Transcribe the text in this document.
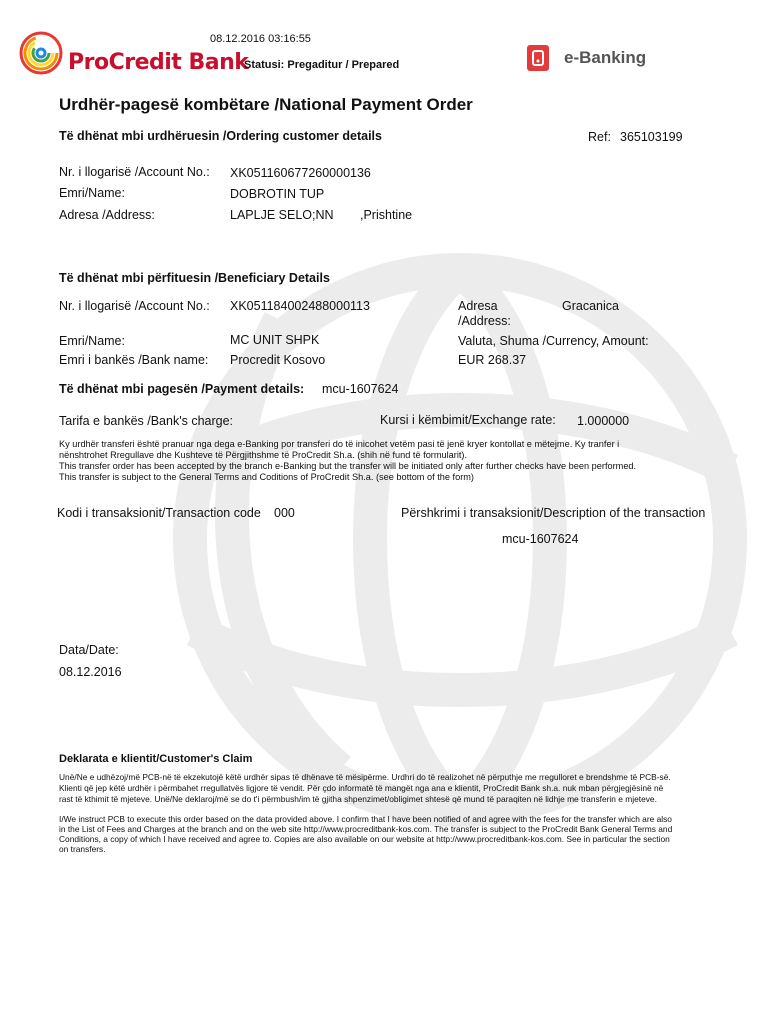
08.12.2016 03:16:55
ProCredit Bank
Statusi: Pregaditur / Prepared	e-Banking
Urdhër-pagesë kombëtare /National Payment Order
Të dhënat mbi urdhëruesin /Ordering customer details	Ref: 365103199
Nr. i llogarisë /Account No.: XK051160677260000136
Emri/Name:	DOBROTIN TUP
Adresa /Address:	LAPLJE SELO;NN ,Prishtine
Të dhënat mbi përfituesin /Beneficiary Details
Nr. i llogarisë /Account No.: XK051184002488000113	Adresa
/Address:
Gracanica
Emri/Name:	MC UNIT SHPK	Valuta, Shuma /Currency, Amount:
Emri i bankës /Bank name: Procredit Kosovo	EUR 268.37
Të dhënat mbi pagesën /Payment details: mcu-1607624
Tarifa e bankës /Bank's charge:	Kursi i këmbimit/Exchange rate: 1.000000
Ky urdhër transferi është pranuar nga dega e-Banking por transferi do të inicohet vetëm pasi të jenë kryer kontollat e mëtejme. Ky tranfer i
nënshtrohet Rregullave dhe Kushteve të Përgjithshme të ProCredit Sh.a. (shih në fund të formularit).
This transfer order has been accepted by the branch e-Banking but the transfer will be initiated only after further checks have been performed.
This transfer is subject to the General Terms and Coditions of ProCredit Sh.a. (see bottom of the form)
Kodi i transaksionit/Transaction code 000	Përshkrimi i transaksionit/Description of the transaction
mcu-1607624
Data/Date:
08.12.2016
Deklarata e klientit/Customer's Claim
Unë/Ne e udhëzoj/më PCB-në të ekzekutojë këtë urdhër sipas të dhënave të mësipërme. Urdhri do të realizohet në përputhje me rregulloret e brendshme të PCB-së.
Klienti që jep këtë urdhër i përmbahet rregullatvës ligjore të vendit. Për çdo informatë të mangët nga ana e klientit, ProCredit Bank sh.a. nuk mban përgjegjësinë në
rast të kthimit të mjeteve. Unë/Ne deklaroj/më se do t'i përmbush/im të gjitha shpenzimet/obligimet shtesë që mund të paraqiten në lidhje me transferin e mjeteve.
I/We instruct PCB to execute this order based on the data provided above. I confirm that I have been notified of and agree with the fees for the transfer which are also
in the List of Fees and Charges at the branch and on the web site http://www.procreditbank-kos.com. The transfer is subject to the ProCredit Bank General Terms and
Conditions, a copy of which I have received and agree to. Copies are also available on our website at http://www.procreditbank-kos.com. See in particular the section
on transfers.
